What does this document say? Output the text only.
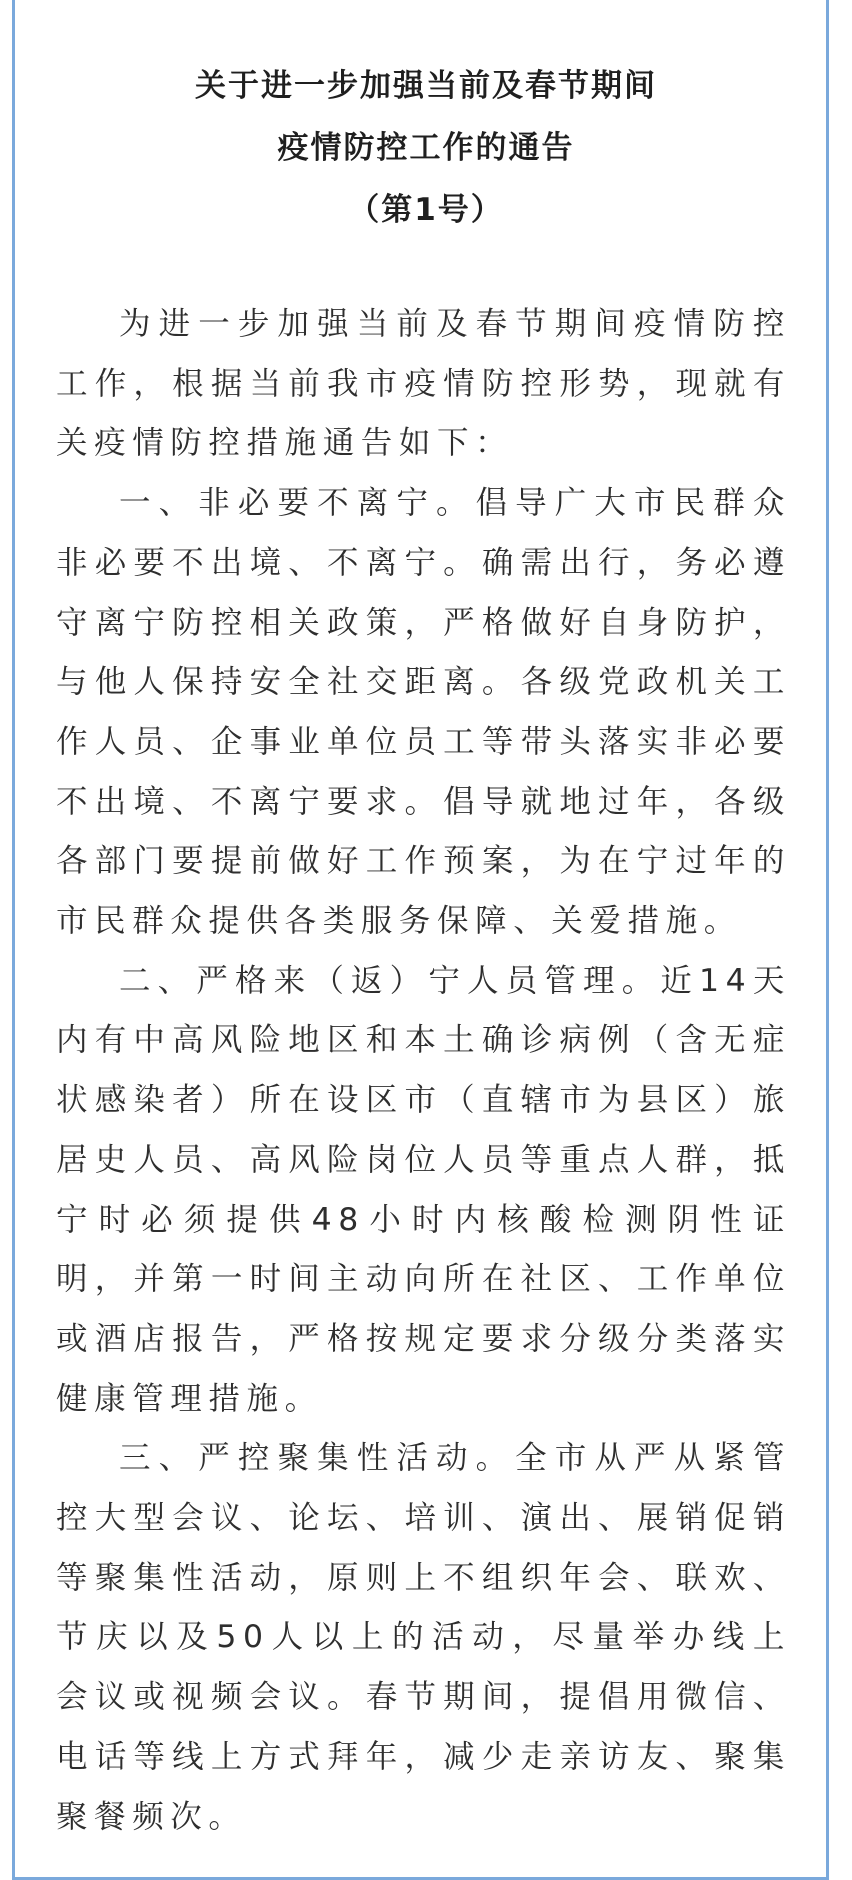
关于进一步加强当前及春节期间

疫情防控工作的通告

（第1号）

为进一步加强当前及春节期间疫情防控工作，根据当前我市疫情防控形势，现就有关疫情防控措施通告如下：

一、非必要不离宁。倡导广大市民群众非必要不出境、不离宁。确需出行，务必遵守离宁防控相关政策，严格做好自身防护，与他人保持安全社交距离。各级党政机关工作人员、企事业单位员工等带头落实非必要不出境、不离宁要求。倡导就地过年，各级各部门要提前做好工作预案，为在宁过年的市民群众提供各类服务保障、关爱措施。

二、严格来（返）宁人员管理。近14天内有中高风险地区和本土确诊病例（含无症状感染者）所在设区市（直辖市为县区）旅居史人员、高风险岗位人员等重点人群，抵宁时必须提供48小时内核酸检测阴性证明，并第一时间主动向所在社区、工作单位或酒店报告，严格按规定要求分级分类落实健康管理措施。

三、严控聚集性活动。全市从严从紧管控大型会议、论坛、培训、演出、展销促销等聚集性活动，原则上不组织年会、联欢、节庆以及50人以上的活动，尽量举办线上会议或视频会议。春节期间，提倡用微信、电话等线上方式拜年，减少走亲访友、聚集聚餐频次。
